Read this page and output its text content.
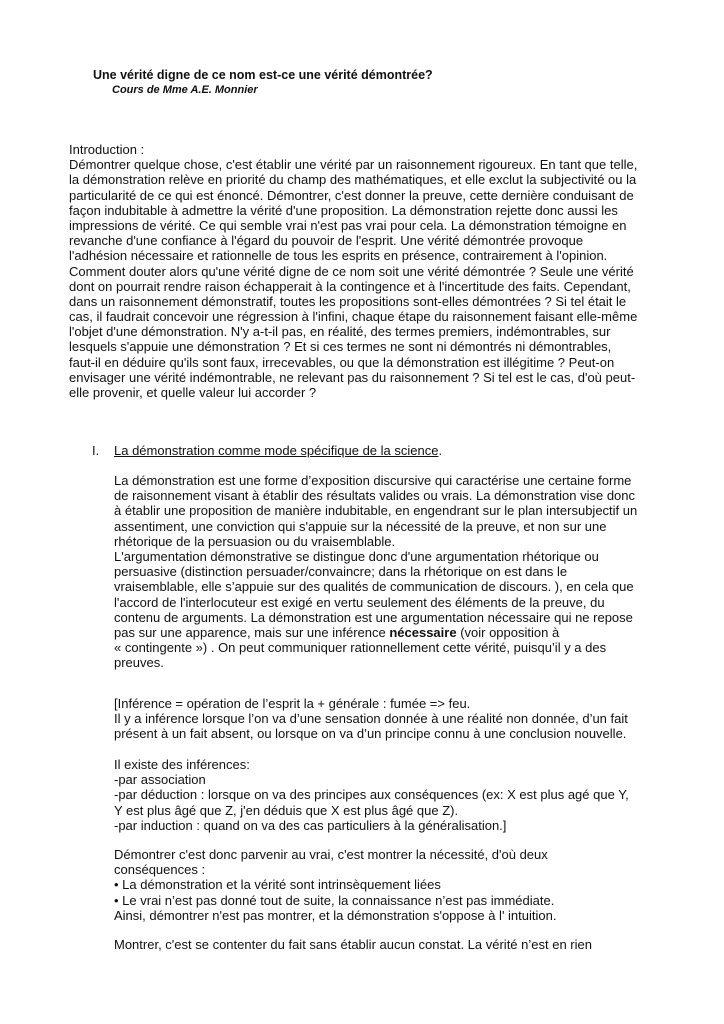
Une vérité digne de ce nom est-ce une vérité démontrée?
Cours de Mme A.E. Monnier
Introduction :
Démontrer quelque chose, c'est établir une vérité par un raisonnement rigoureux. En tant que telle,
la démonstration relève en priorité du champ des mathématiques, et elle exclut la subjectivité ou la
particularité de ce qui est énoncé. Démontrer, c'est donner la preuve, cette dernière conduisant de
façon indubitable à admettre la vérité d'une proposition. La démonstration rejette donc aussi les
impressions de vérité. Ce qui semble vrai n'est pas vrai pour cela. La démonstration témoigne en
revanche d'une confiance à l'égard du pouvoir de l'esprit. Une vérité démontrée provoque
l'adhésion nécessaire et rationnelle de tous les esprits en présence, contrairement à l'opinion.
Comment douter alors qu'une vérité digne de ce nom soit une vérité démontrée ? Seule une vérité
dont on pourrait rendre raison échapperait à la contingence et à l'incertitude des faits. Cependant,
dans un raisonnement démonstratif, toutes les propositions sont-elles démontrées ? Si tel était le
cas, il faudrait concevoir une régression à l'infini, chaque étape du raisonnement faisant elle-même
l'objet d'une démonstration. N'y a-t-il pas, en réalité, des termes premiers, indémontrables, sur
lesquels s'appuie une démonstration ? Et si ces termes ne sont ni démontrés ni démontrables,
faut-il en déduire qu'ils sont faux, irrecevables, ou que la démonstration est illégitime ? Peut-on
envisager une vérité indémontrable, ne relevant pas du raisonnement ? Si tel est le cas, d'où peut-
elle provenir, et quelle valeur lui accorder ?
I. La démonstration comme mode spécifique de la science.
La démonstration est une forme d’exposition discursive qui caractérise une certaine forme
de raisonnement visant à établir des résultats valides ou vrais. La démonstration vise donc
à établir une proposition de manière indubitable, en engendrant sur le plan intersubjectif un
assentiment, une conviction qui s'appuie sur la nécessité de la preuve, et non sur une
rhétorique de la persuasion ou du vraisemblable.
L'argumentation démonstrative se distingue donc d'une argumentation rhétorique ou
persuasive (distinction persuader/convaincre; dans la rhétorique on est dans le
vraisemblable, elle s’appuie sur des qualités de communication de discours. ), en cela que
l'accord de l'interlocuteur est exigé en vertu seulement des éléments de la preuve, du
contenu de arguments. La démonstration est une argumentation nécessaire qui ne repose
pas sur une apparence, mais sur une inférence nécessaire (voir opposition à
« contingente ») . On peut communiquer rationnellement cette vérité, puisqu’il y a des
preuves.
[Inférence = opération de l’esprit la + générale : fumée => feu.
Il y a inférence lorsque l’on va d’une sensation donnée à une réalité non donnée, d’un fait
présent à un fait absent, ou lorsque on va d’un principe connu à une conclusion nouvelle.
Il existe des inférences:
-par association
-par déduction : lorsque on va des principes aux conséquences (ex: X est plus agé que Y,
Y est plus âgé que Z, j'en déduis que X est plus âgé que Z).
-par induction : quand on va des cas particuliers à la généralisation.]
Démontrer c'est donc parvenir au vrai, c'est montrer la nécessité, d'où deux
conséquences :
• La démonstration et la vérité sont intrinsèquement liées
• Le vrai n’est pas donné tout de suite, la connaissance n’est pas immédiate.
Ainsi, démontrer n'est pas montrer, et la démonstration s'oppose à l' intuition.
Montrer, c'est se contenter du fait sans établir aucun constat. La vérité n’est en rien
